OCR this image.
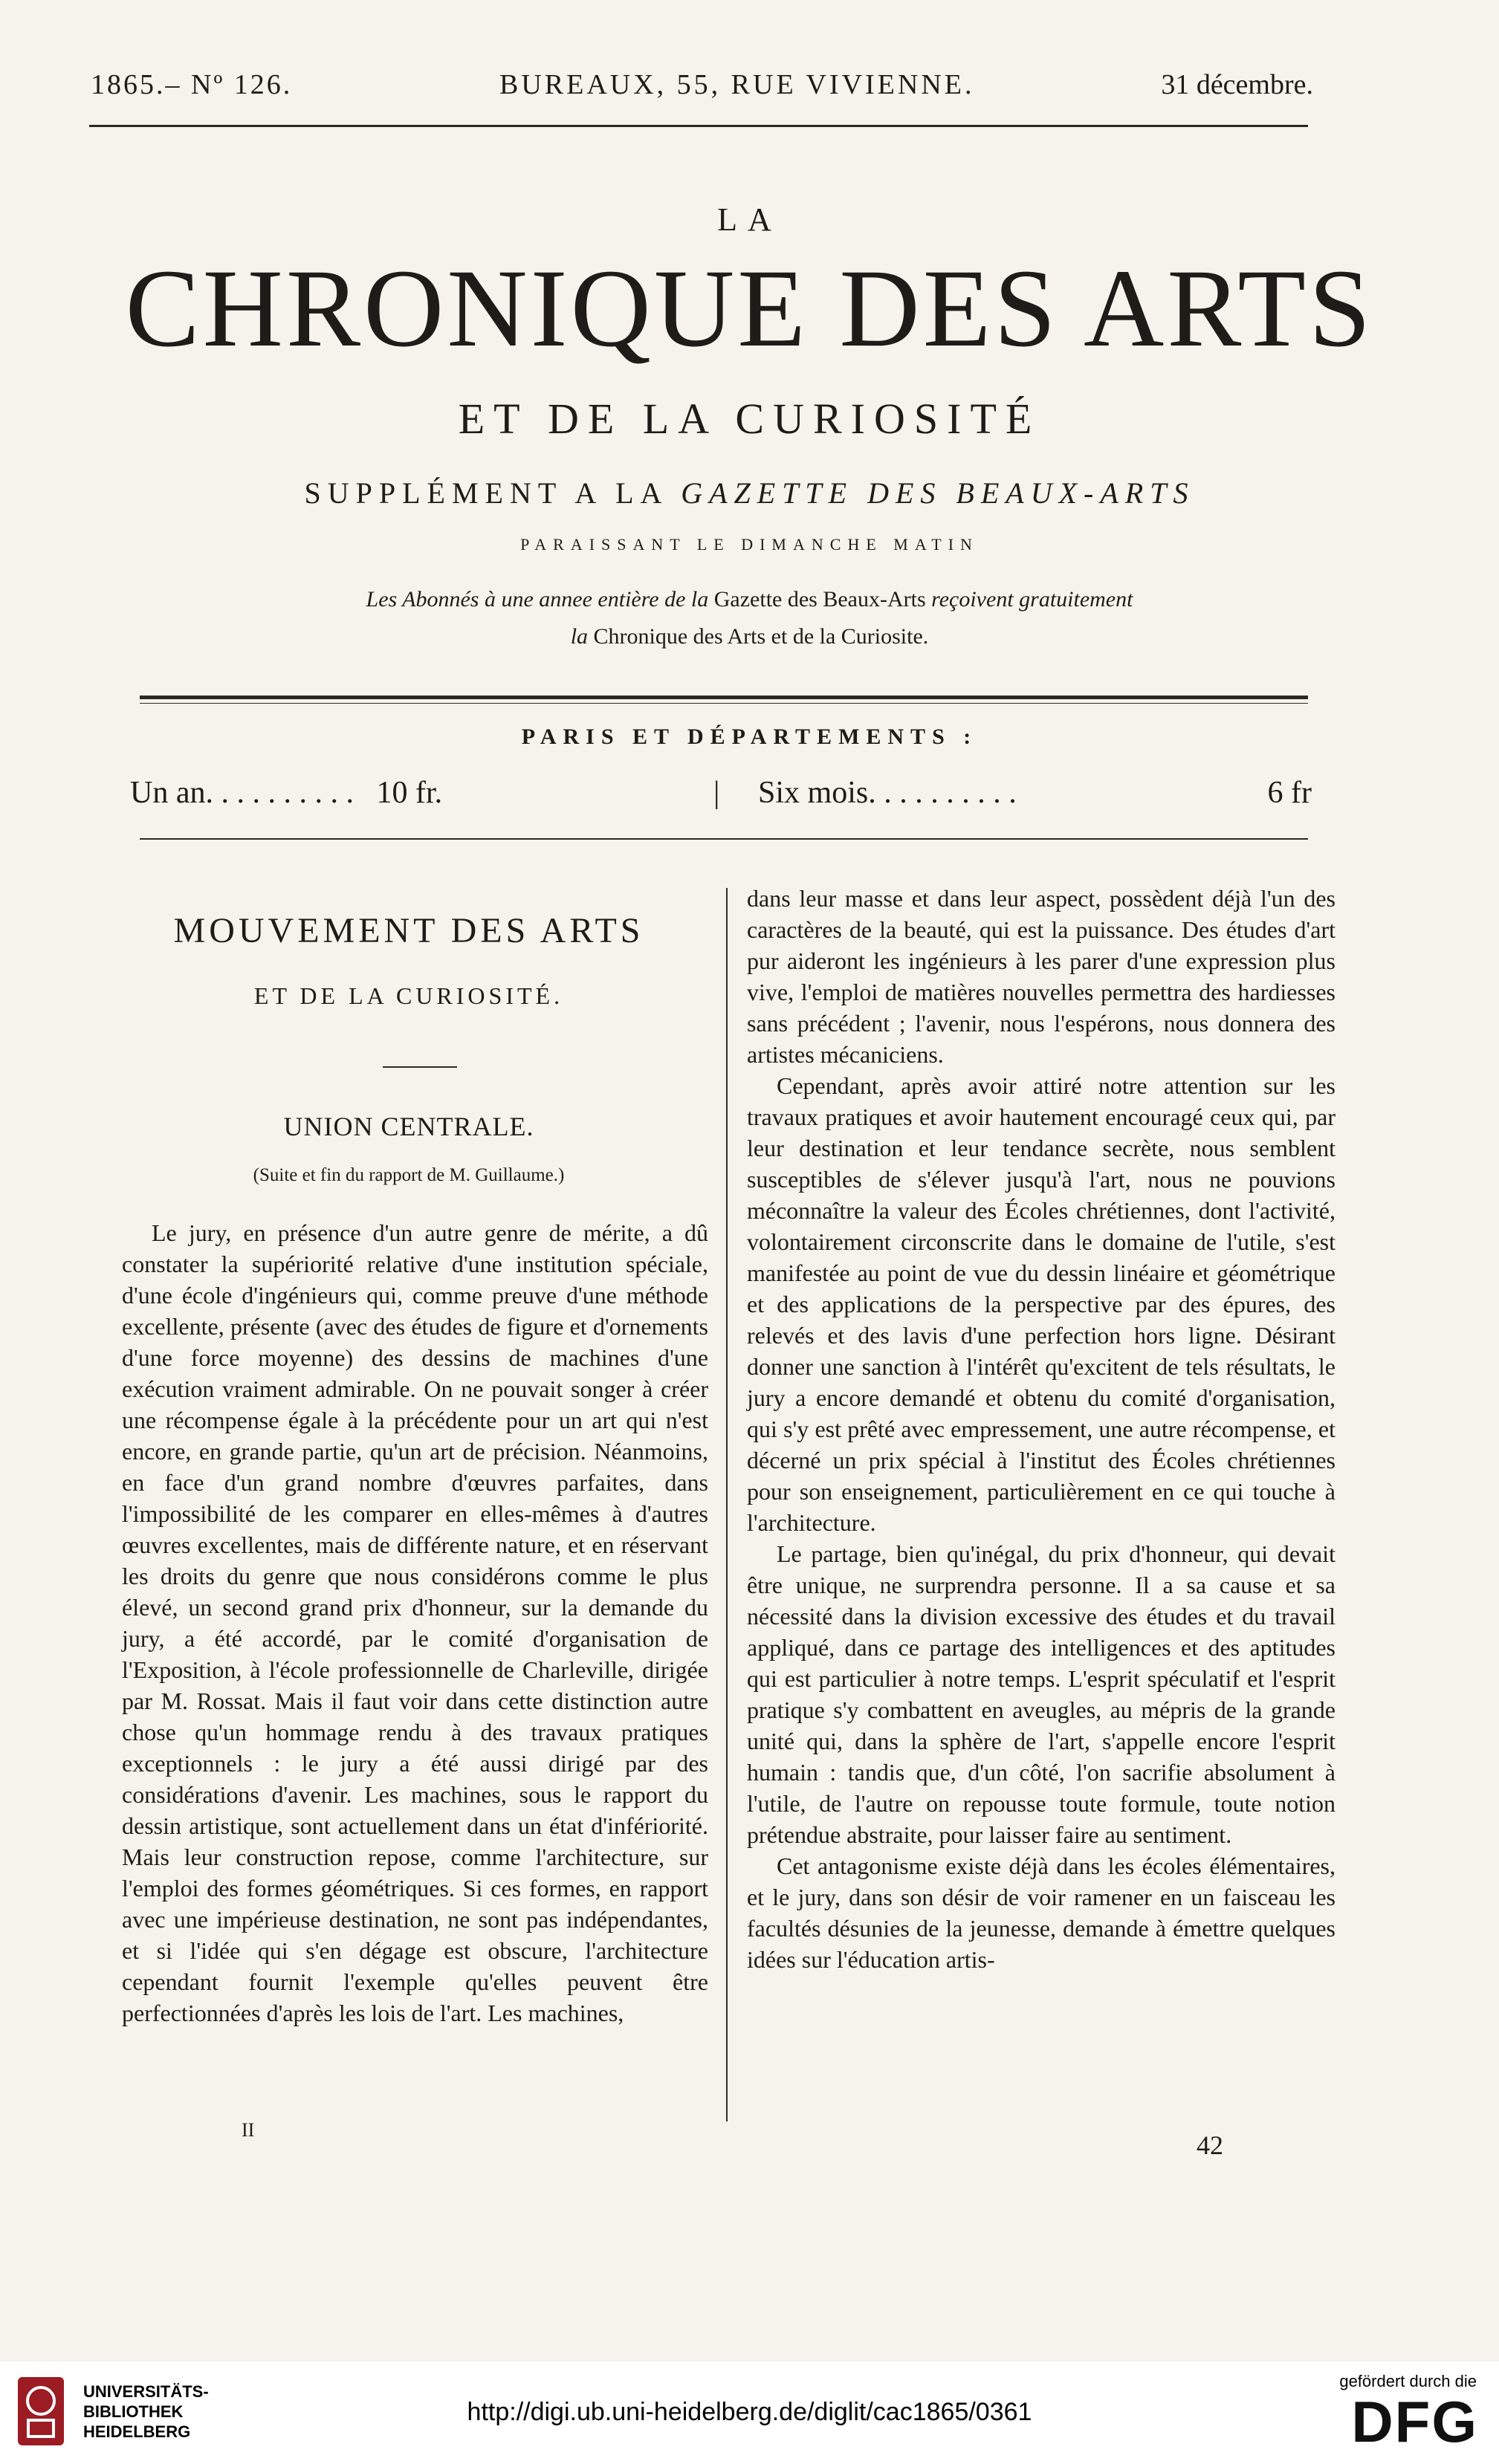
1865.– Nº 126.	BUREAUX, 55, RUE VIVIENNE.	31 décembre.
LA
CHRONIQUE DES ARTS
ET DE LA CURIOSITÉ
SUPPLÉMENT A LA GAZETTE DES BEAUX-ARTS
PARAISSANT LE DIMANCHE MATIN
Les Abonnés à une annee entière de la Gazette des Beaux-Arts reçoivent gratuitement
la Chronique des Arts et de la Curiosite.
PARIS ET DÉPARTEMENTS :
Un an. . . . . . . . . . 10 fr.	| Six mois. . . . . . . . . .	6 fr
MOUVEMENT DES ARTS
ET DE LA CURIOSITÉ.
UNION CENTRALE.
(Suite et fin du rapport de M. Guillaume.)

Le jury, en présence d'un autre genre de mérite, a dû constater la supériorité relative d'une institution spéciale, d'une école d'ingénieurs qui, comme preuve d'une méthode excellente, présente (avec des études de figure et d'ornements d'une force moyenne) des dessins de machines d'une exécution vraiment admirable. On ne pouvait songer à créer une récompense égale à la précédente pour un art qui n'est encore, en grande partie, qu'un art de précision. Néanmoins, en face d'un grand nombre d'œuvres parfaites, dans l'impossibilité de les comparer en elles-mêmes à d'autres œuvres excellentes, mais de différente nature, et en réservant les droits du genre que nous considérons comme le plus élevé, un second grand prix d'honneur, sur la demande du jury, a été accordé, par le comité d'organisation de l'Exposition, à l'école professionnelle de Charleville, dirigée par M. Rossat. Mais il faut voir dans cette distinction autre chose qu'un hommage rendu à des travaux pratiques exceptionnels : le jury a été aussi dirigé par des considérations d'avenir. Les machines, sous le rapport du dessin artistique, sont actuellement dans un état d'infériorité. Mais leur construction repose, comme l'architecture, sur l'emploi des formes géométriques. Si ces formes, en rapport avec une impérieuse destination, ne sont pas indépendantes, et si l'idée qui s'en dégage est obscure, l'architecture cependant fournit l'exemple qu'elles peuvent être perfectionnées d'après les lois de l'art. Les machines,

dans leur masse et dans leur aspect, possèdent déjà l'un des caractères de la beauté, qui est la puissance. Des études d'art pur aideront les ingénieurs à les parer d'une expression plus vive, l'emploi de matières nouvelles permettra des hardiesses sans précédent ; l'avenir, nous l'espérons, nous donnera des artistes mécaniciens.

Cependant, après avoir attiré notre attention sur les travaux pratiques et avoir hautement encouragé ceux qui, par leur destination et leur tendance secrète, nous semblent susceptibles de s'élever jusqu'à l'art, nous ne pouvions méconnaître la valeur des Écoles chrétiennes, dont l'activité, volontairement circonscrite dans le domaine de l'utile, s'est manifestée au point de vue du dessin linéaire et géométrique et des applications de la perspective par des épures, des relevés et des lavis d'une perfection hors ligne. Désirant donner une sanction à l'intérêt qu'excitent de tels résultats, le jury a encore demandé et obtenu du comité d'organisation, qui s'y est prêté avec empressement, une autre récompense, et décerné un prix spécial à l'institut des Écoles chrétiennes pour son enseignement, particulièrement en ce qui touche à l'architecture.

Le partage, bien qu'inégal, du prix d'honneur, qui devait être unique, ne surprendra personne. Il a sa cause et sa nécessité dans la division excessive des études et du travail appliqué, dans ce partage des intelligences et des aptitudes qui est particulier à notre temps. L'esprit spéculatif et l'esprit pratique s'y combattent en aveugles, au mépris de la grande unité qui, dans la sphère de l'art, s'appelle encore l'esprit humain : tandis que, d'un côté, l'on sacrifie absolument à l'utile, de l'autre on repousse toute formule, toute notion prétendue abstraite, pour laisser faire au sentiment.

Cet antagonisme existe déjà dans les écoles élémentaires, et le jury, dans son désir de voir ramener en un faisceau les facultés désunies de la jeunesse, demande à émettre quelques idées sur l'éducation artis-

II
42
UNIVERSITÄTS-
BIBLIOTHEK
HEIDELBERG
http://digi.ub.uni-heidelberg.de/diglit/cac1865/0361
gefördert durch die
DFG
